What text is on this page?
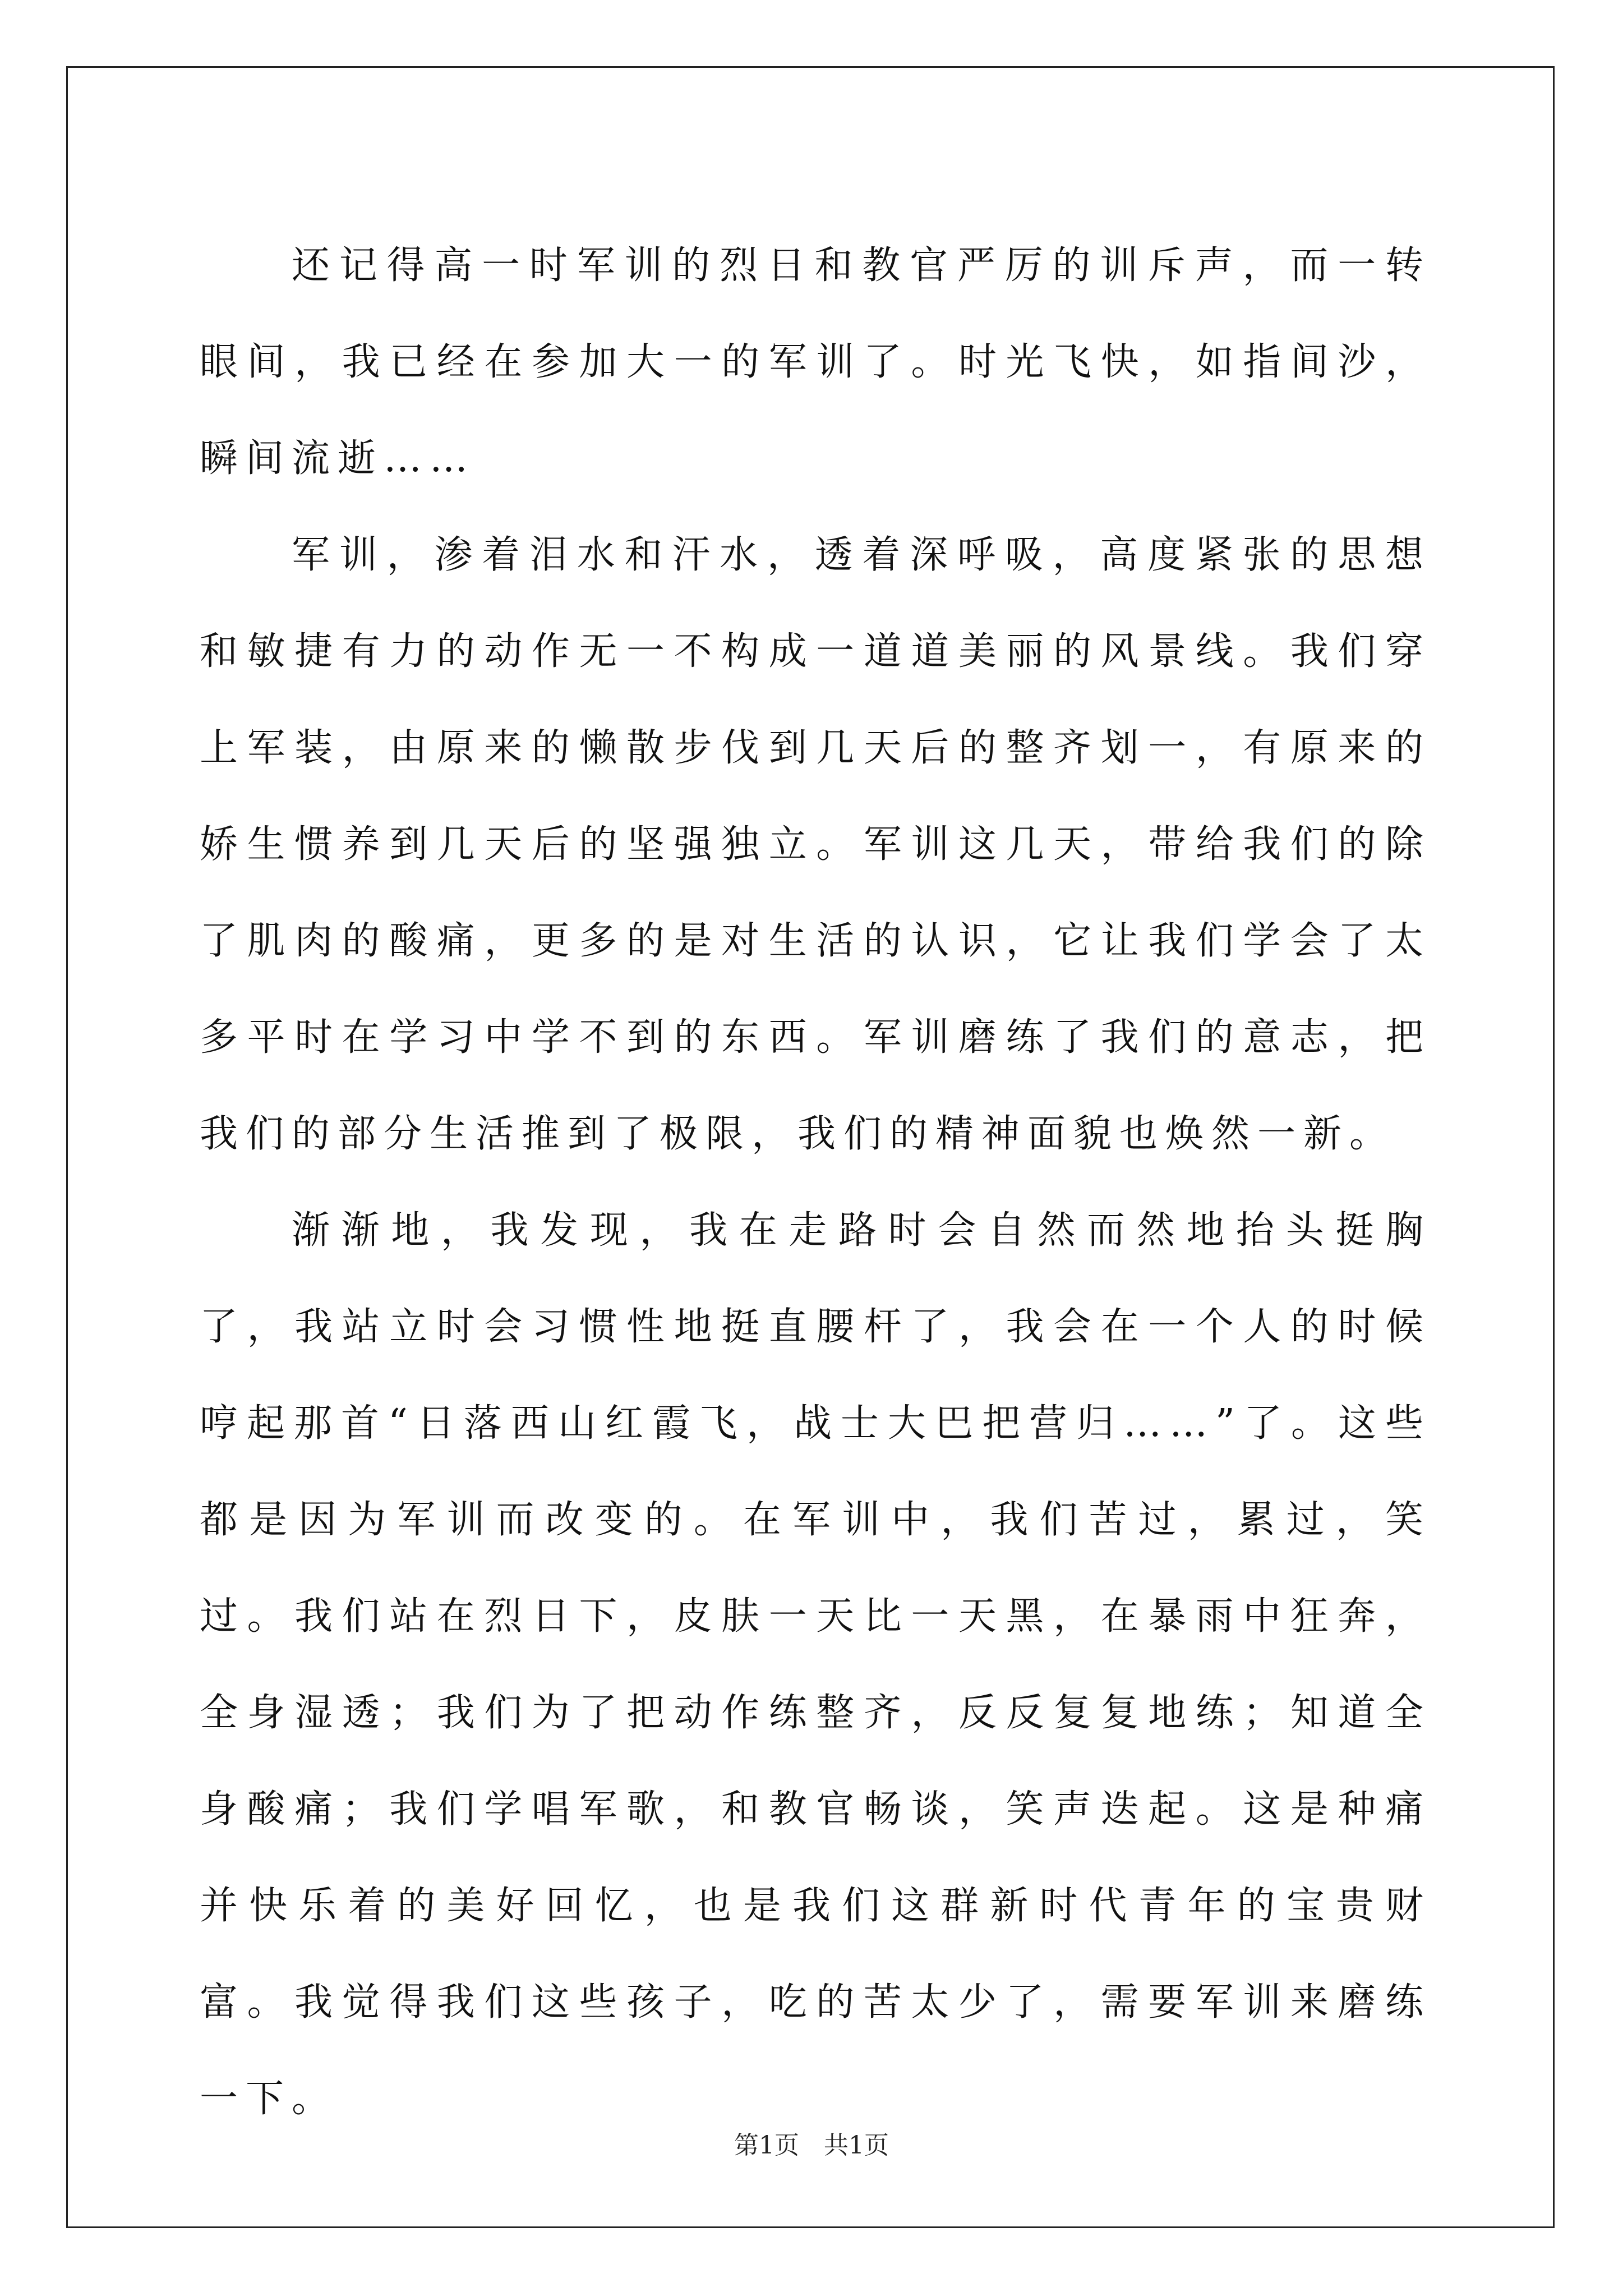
还记得高一时军训的烈日和教官严厉的训斥声，而一转眼间，我已经在参加大一的军训了。时光飞快，如指间沙，瞬间流逝……

军训，渗着泪水和汗水，透着深呼吸，高度紧张的思想和敏捷有力的动作无一不构成一道道美丽的风景线。我们穿上军装，由原来的懒散步伐到几天后的整齐划一，有原来的娇生惯养到几天后的坚强独立。军训这几天，带给我们的除了肌肉的酸痛，更多的是对生活的认识，它让我们学会了太多平时在学习中学不到的东西。军训磨练了我们的意志，把我们的部分生活推到了极限，我们的精神面貌也焕然一新。

渐渐地，我发现，我在走路时会自然而然地抬头挺胸了，我站立时会习惯性地挺直腰杆了，我会在一个人的时候哼起那首“日落西山红霞飞，战士大巴把营归……”了。这些都是因为军训而改变的。在军训中，我们苦过，累过，笑过。我们站在烈日下，皮肤一天比一天黑，在暴雨中狂奔，全身湿透；我们为了把动作练整齐，反反复复地练；知道全身酸痛；我们学唱军歌，和教官畅谈，笑声迭起。这是种痛并快乐着的美好回忆，也是我们这群新时代青年的宝贵财富。我觉得我们这些孩子，吃的苦太少了，需要军训来磨练一下。

第1页　共1页
